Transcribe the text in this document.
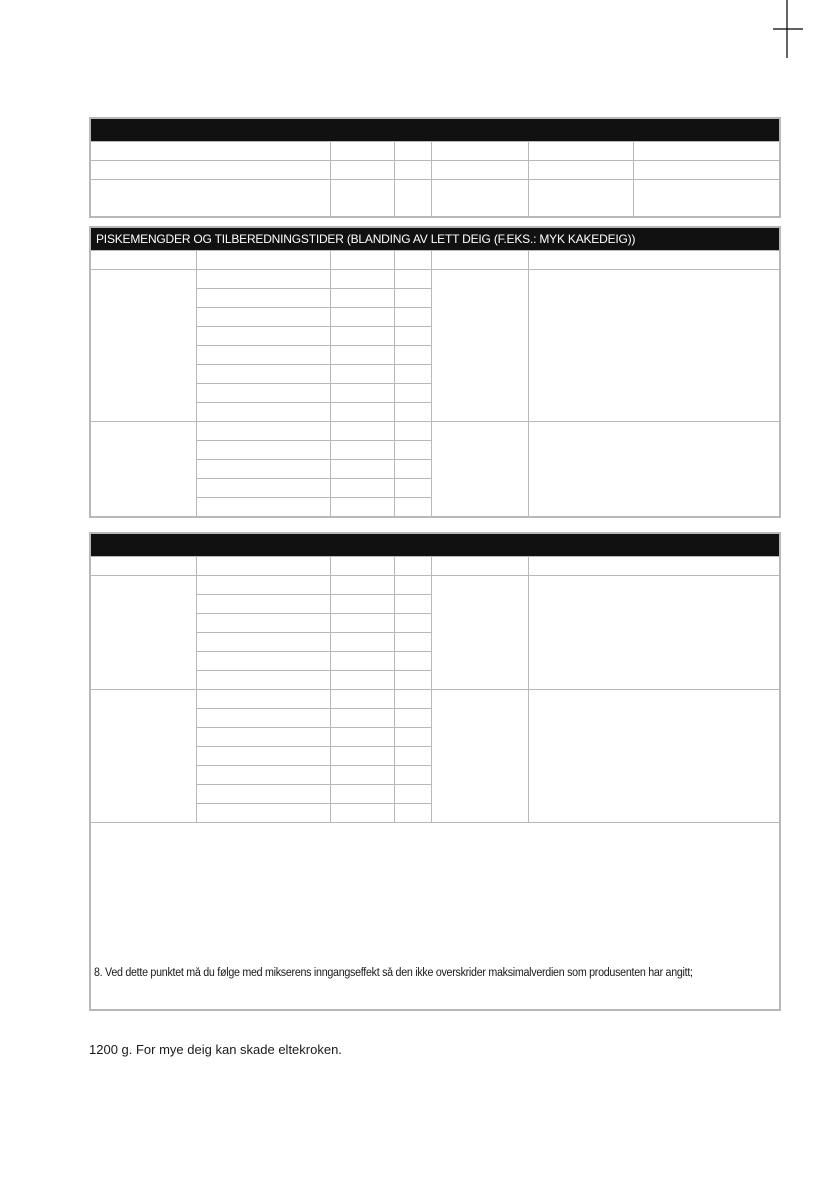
PISKEMENGDER OG TILBEREDNINGSTIDER (BLANDING AV LETT DEIG (F.EKS.: MYK KAKEDEIG))					

8. Ved dette punktet må du følge med mikserens inngangseffekt så den ikke overskrider maksimalverdien som produsenten har angitt;					
1200 g. For mye deig kan skade eltekroken.
